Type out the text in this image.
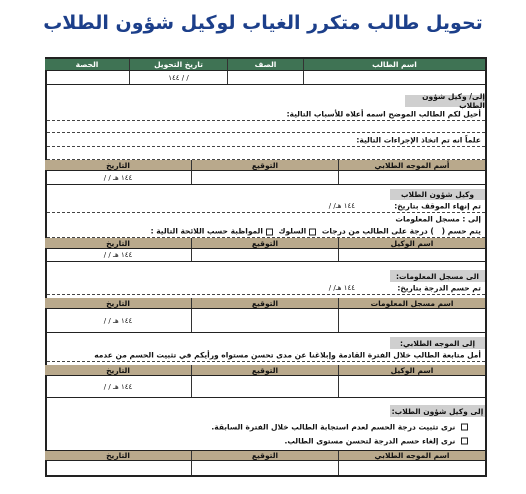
تحويل طالب متكرر الغياب لوكيل شؤون الطلاب
اسم الطالب
الصف
تاريخ التحويل
الحصة
١٤٤ / /
إلى/ وكيل شؤون الطلاب
أحيل لكم الطالب الموضح اسمه أعلاه للأسباب التالية:
علماً انه تم اتخاذ الإجراءات التالية:
أسم الموجه الطلابي
التوقيع
التاريخ
/ / ١٤٤ هـ
وكيل شؤون الطلاب
تم إنهاء الموقف بتاريخ:
/ /١٤٤ هـ
إلى : مسجل المعلومات
يتم حسم (   ) درجة على الطالب من درجات السلوك المواظبة حسب اللائحة التالية :
اسم الوكيل
التوقيع
التاريخ
/ / ١٤٤ هـ
الى مسجل المعلومات:
تم حسم الدرجة بتاريخ:
/ /١٤٤ هـ
اسم مسجل المعلومات
التوقيع
التاريخ
/ / ١٤٤ هـ
إلى الموجه الطلابي:
أمل متابعة الطالب خلال الفترة القادمة وإبلاغنا عن مدى تحسن مستواه ورأيكم في تثبيت الحسم من عدمه
اسم الوكيل
التوقيع
التاريخ
/ / ١٤٤ هـ
إلى وكيل شؤون الطلاب:
نرى تثبيت درجة الحسم لعدم استجابة الطالب خلال الفترة السابقة.
نرى إلغاء حسم الدرجة لتحسن مستوى الطالب.
اسم الموجه الطلابي
التوقيع
التاريخ
